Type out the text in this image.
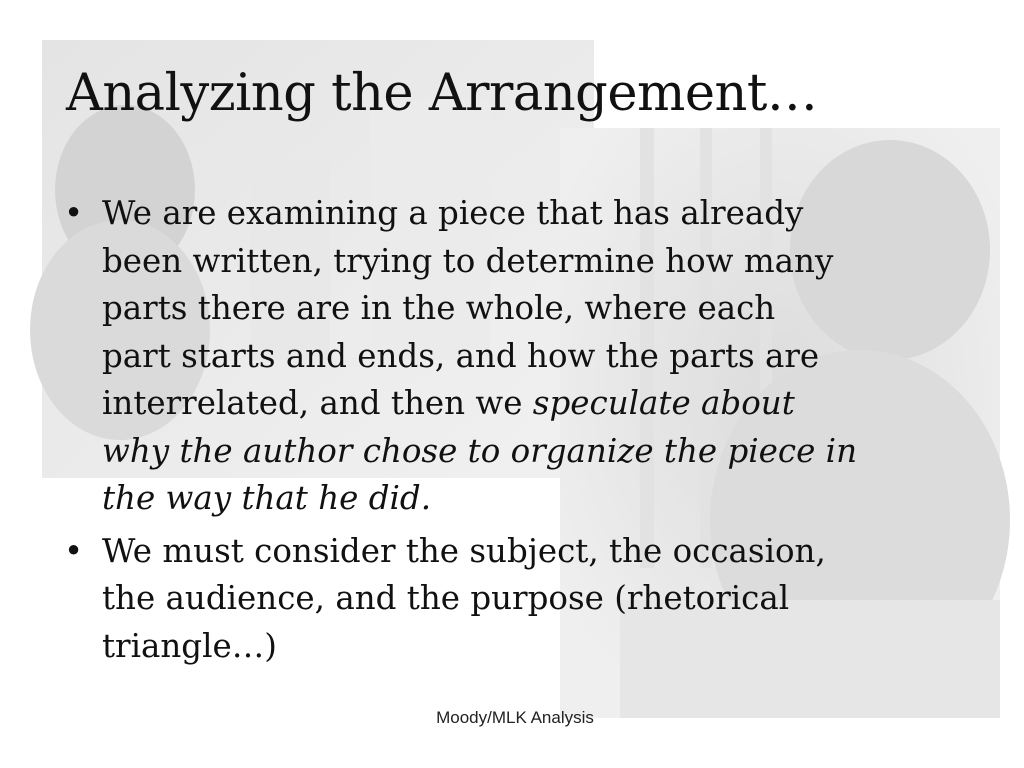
Analyzing the Arrangement…
• We are examining a piece that has already
been written, trying to determine how many
parts there are in the whole, where each
part starts and ends, and how the parts are
interrelated, and then we speculate about
why the author chose to organize the piece in
the way that he did.
• We must consider the subject, the occasion,
the audience, and the purpose (rhetorical
triangle…)
Moody/MLK Analysis
